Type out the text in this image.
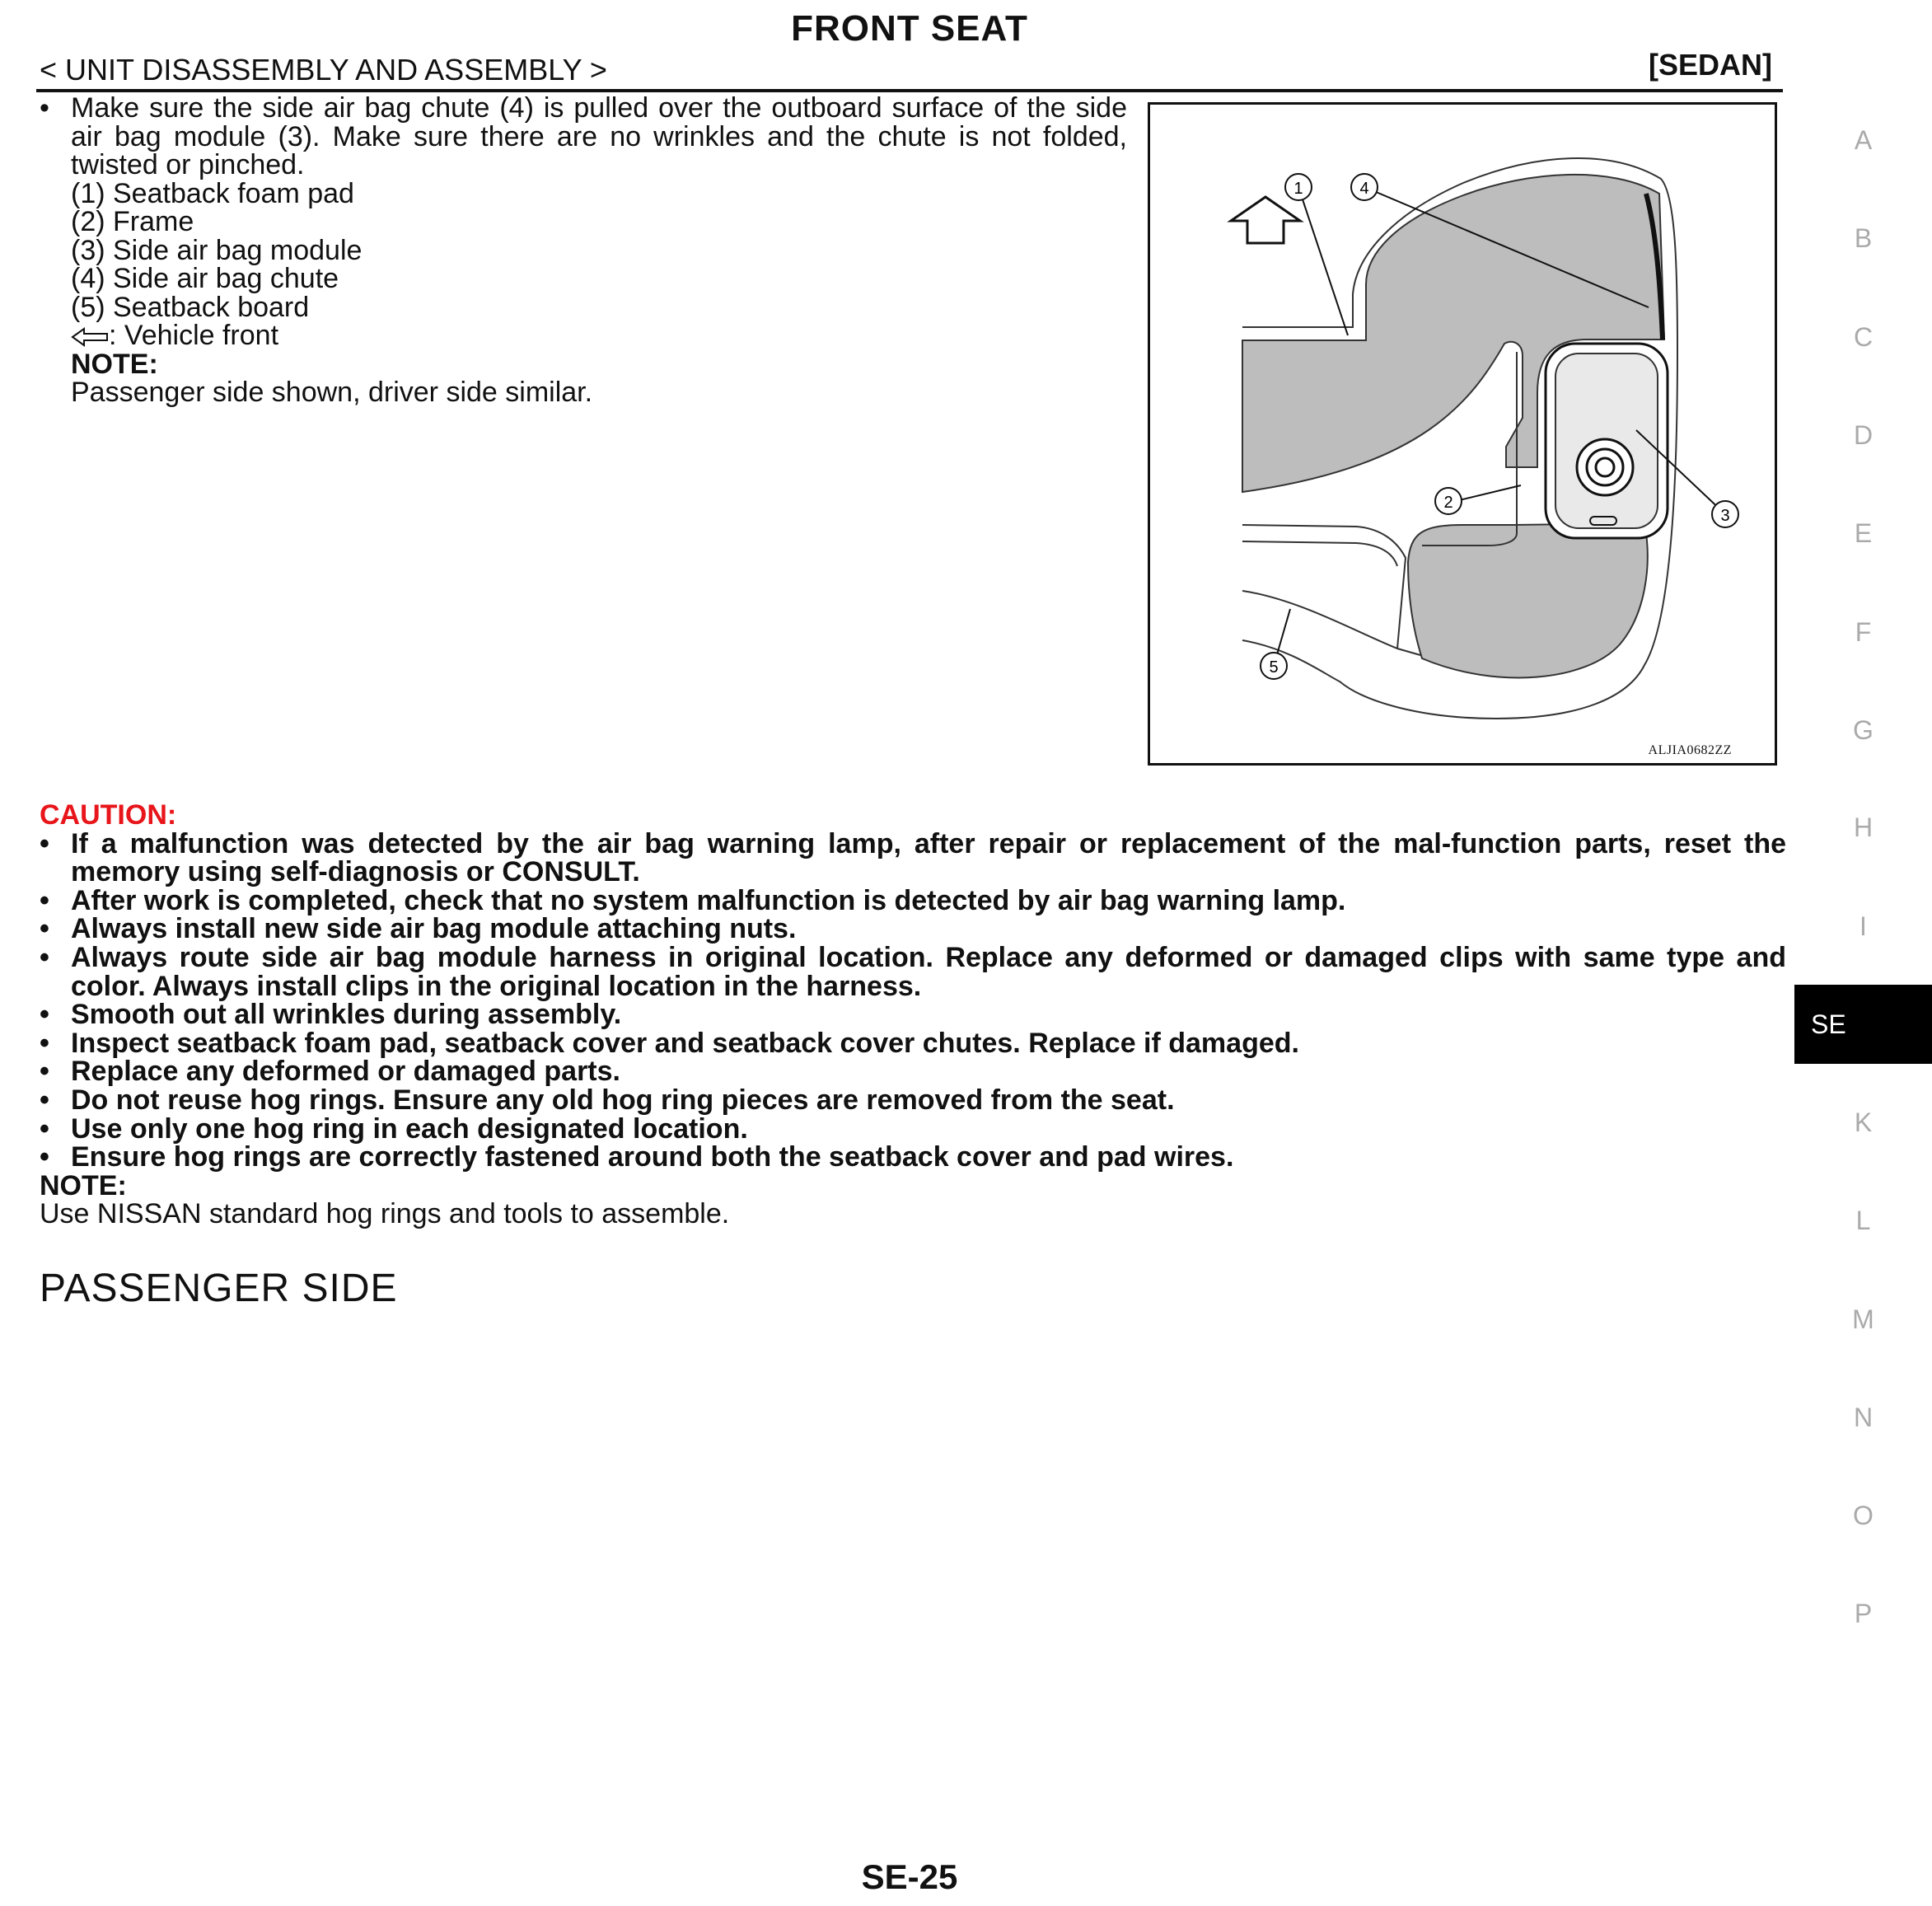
FRONT SEAT
< UNIT DISASSEMBLY AND ASSEMBLY >	[SEDAN]
• Make sure the side air bag chute (4) is pulled over the outboard surface of the side air bag module (3). Make sure there are no wrinkles and the chute is not folded, twisted or pinched.
(1) Seatback foam pad
(2) Frame
(3) Side air bag module
(4) Side air bag chute
(5) Seatback board
: Vehicle front
NOTE:
Passenger side shown, driver side similar.
1	4
3
2
5
ALJIA0682ZZ
CAUTION:
• If a malfunction was detected by the air bag warning lamp, after repair or replacement of the mal-function parts, reset the memory using self-diagnosis or CONSULT.
• After work is completed, check that no system malfunction is detected by air bag warning lamp.
• Always install new side air bag module attaching nuts.
• Always route side air bag module harness in original location. Replace any deformed or damaged clips with same type and color. Always install clips in the original location in the harness.
• Smooth out all wrinkles during assembly.
• Inspect seatback foam pad, seatback cover and seatback cover chutes. Replace if damaged.
• Replace any deformed or damaged parts.
• Do not reuse hog rings. Ensure any old hog ring pieces are removed from the seat.
• Use only one hog ring in each designated location.
• Ensure hog rings are correctly fastened around both the seatback cover and pad wires.
NOTE:
Use NISSAN standard hog rings and tools to assemble.
PASSENGER SIDE
A
B
C
D
E
F
G
H
I
SE
K
L
M
N
O
P
SE-25
